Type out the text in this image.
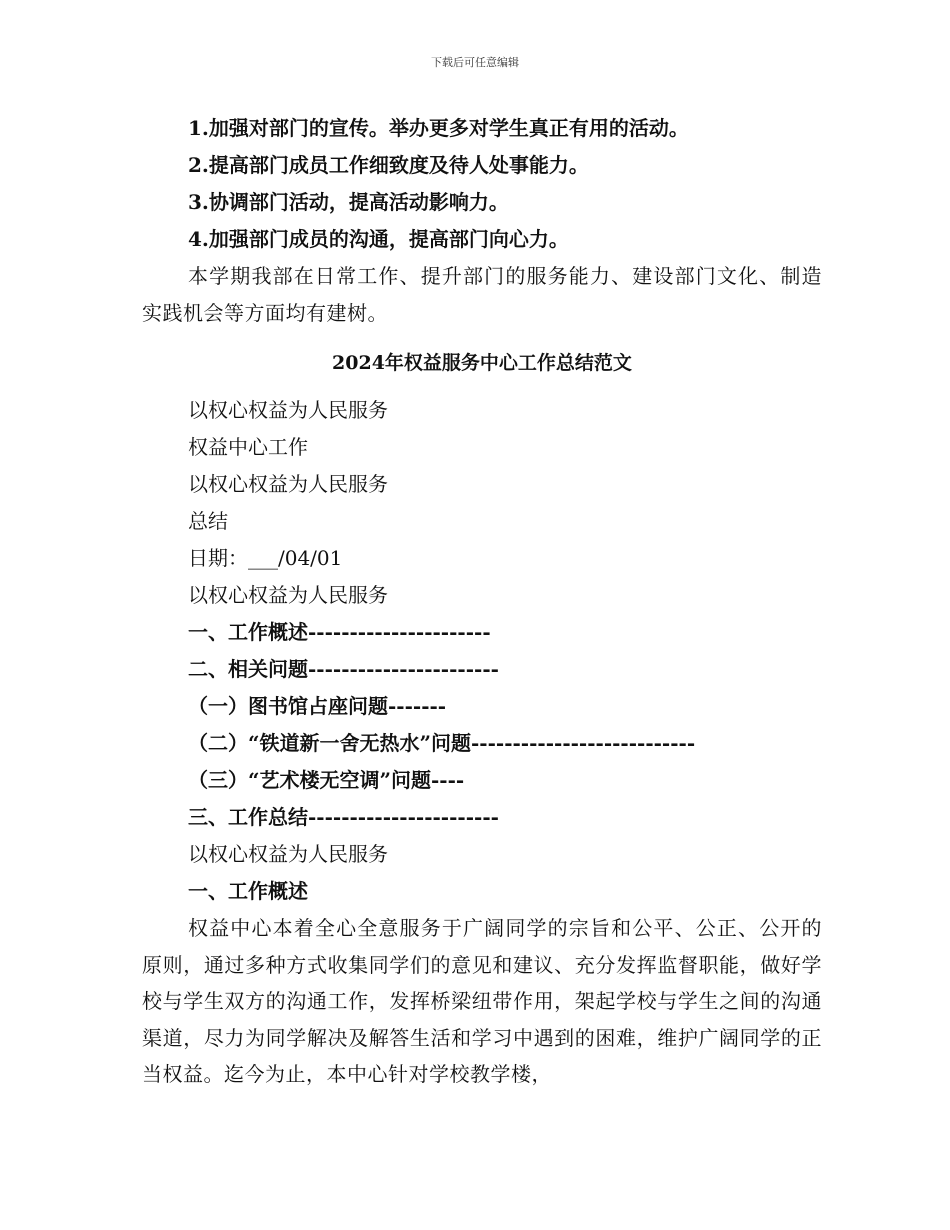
下载后可任意编辑
1.加强对部门的宣传。举办更多对学生真正有用的活动。
2.提高部门成员工作细致度及待人处事能力。
3.协调部门活动，提高活动影响力。
4.加强部门成员的沟通，提高部门向心力。
本学期我部在日常工作、提升部门的服务能力、建设部门文化、制造实践机会等方面均有建树。
2024年权益服务中心工作总结范文
以权心权益为人民服务
权益中心工作
以权心权益为人民服务
总结
日期：___/04/01
以权心权益为人民服务
一、工作概述----------------------
二、相关问题-----------------------
（一）图书馆占座问题-------
（二）“铁道新一舍无热水”问题---------------------------
（三）“艺术楼无空调”问题----
三、工作总结-----------------------
以权心权益为人民服务
一、工作概述
权益中心本着全心全意服务于广阔同学的宗旨和公平、公正、公开的原则，通过多种方式收集同学们的意见和建议、充分发挥监督职能，做好学校与学生双方的沟通工作，发挥桥梁纽带作用，架起学校与学生之间的沟通渠道，尽力为同学解决及解答生活和学习中遇到的困难，维护广阔同学的正当权益。迄今为止，本中心针对学校教学楼，
